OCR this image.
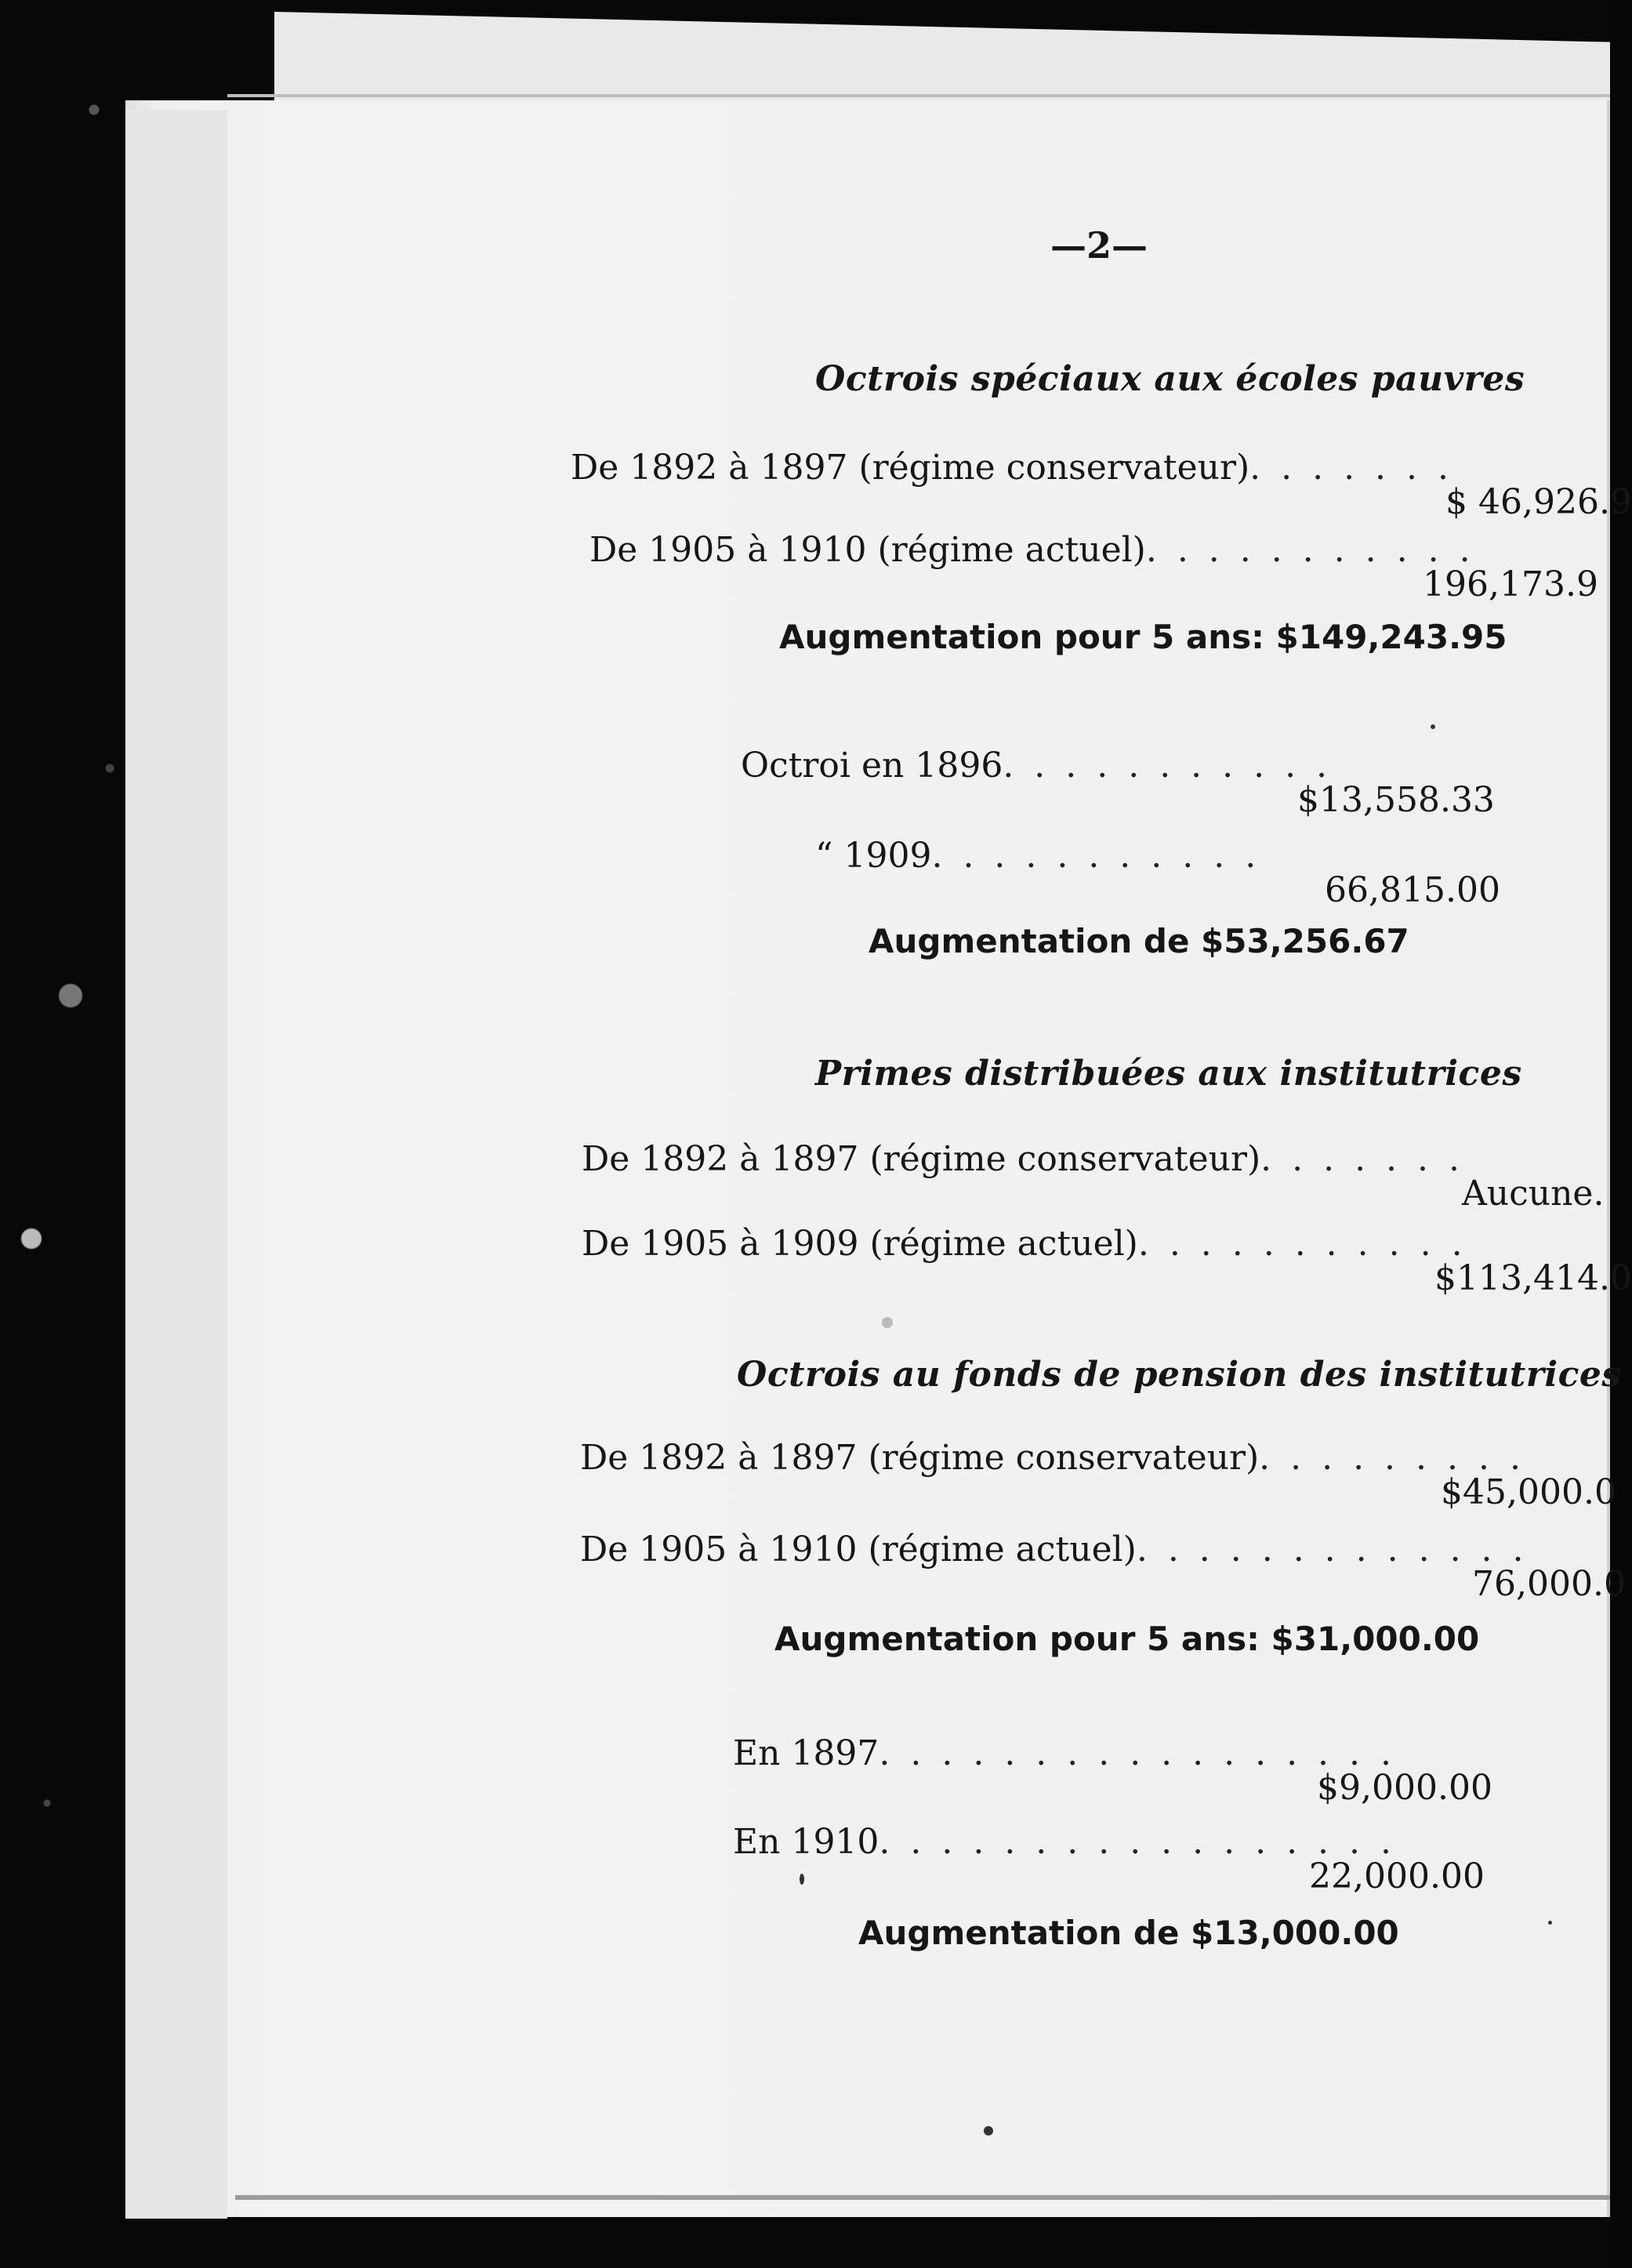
—2—

Octrois spéciaux aux écoles pauvres

De 1892 à 1897 (régime conservateur). . . . . . .

$ 46,926.9

De 1905 à 1910 (régime actuel). . . . . . . . . . .

196,173.9

Augmentation pour 5 ans: $149,243.95

Octroi en 1896. . . . . . . . . . .

$13,558.33

“ 1909. . . . . . . . . . .

66,815.00

Augmentation de $53,256.67

Primes distribuées aux institutrices

De 1892 à 1897 (régime conservateur). . . . . . .

Aucune.

De 1905 à 1909 (régime actuel). . . . . . . . . . .

$113,414.0

Octrois au fonds de pension des institutrices

De 1892 à 1897 (régime conservateur). . . . . . . . .

$45,000.0

De 1905 à 1910 (régime actuel). . . . . . . . . . . . .

76,000.0

Augmentation pour 5 ans: $31,000.00

En 1897. . . . . . . . . . . . . . . . .

$9,000.00

En 1910. . . . . . . . . . . . . . . . .

22,000.00

Augmentation de $13,000.00
